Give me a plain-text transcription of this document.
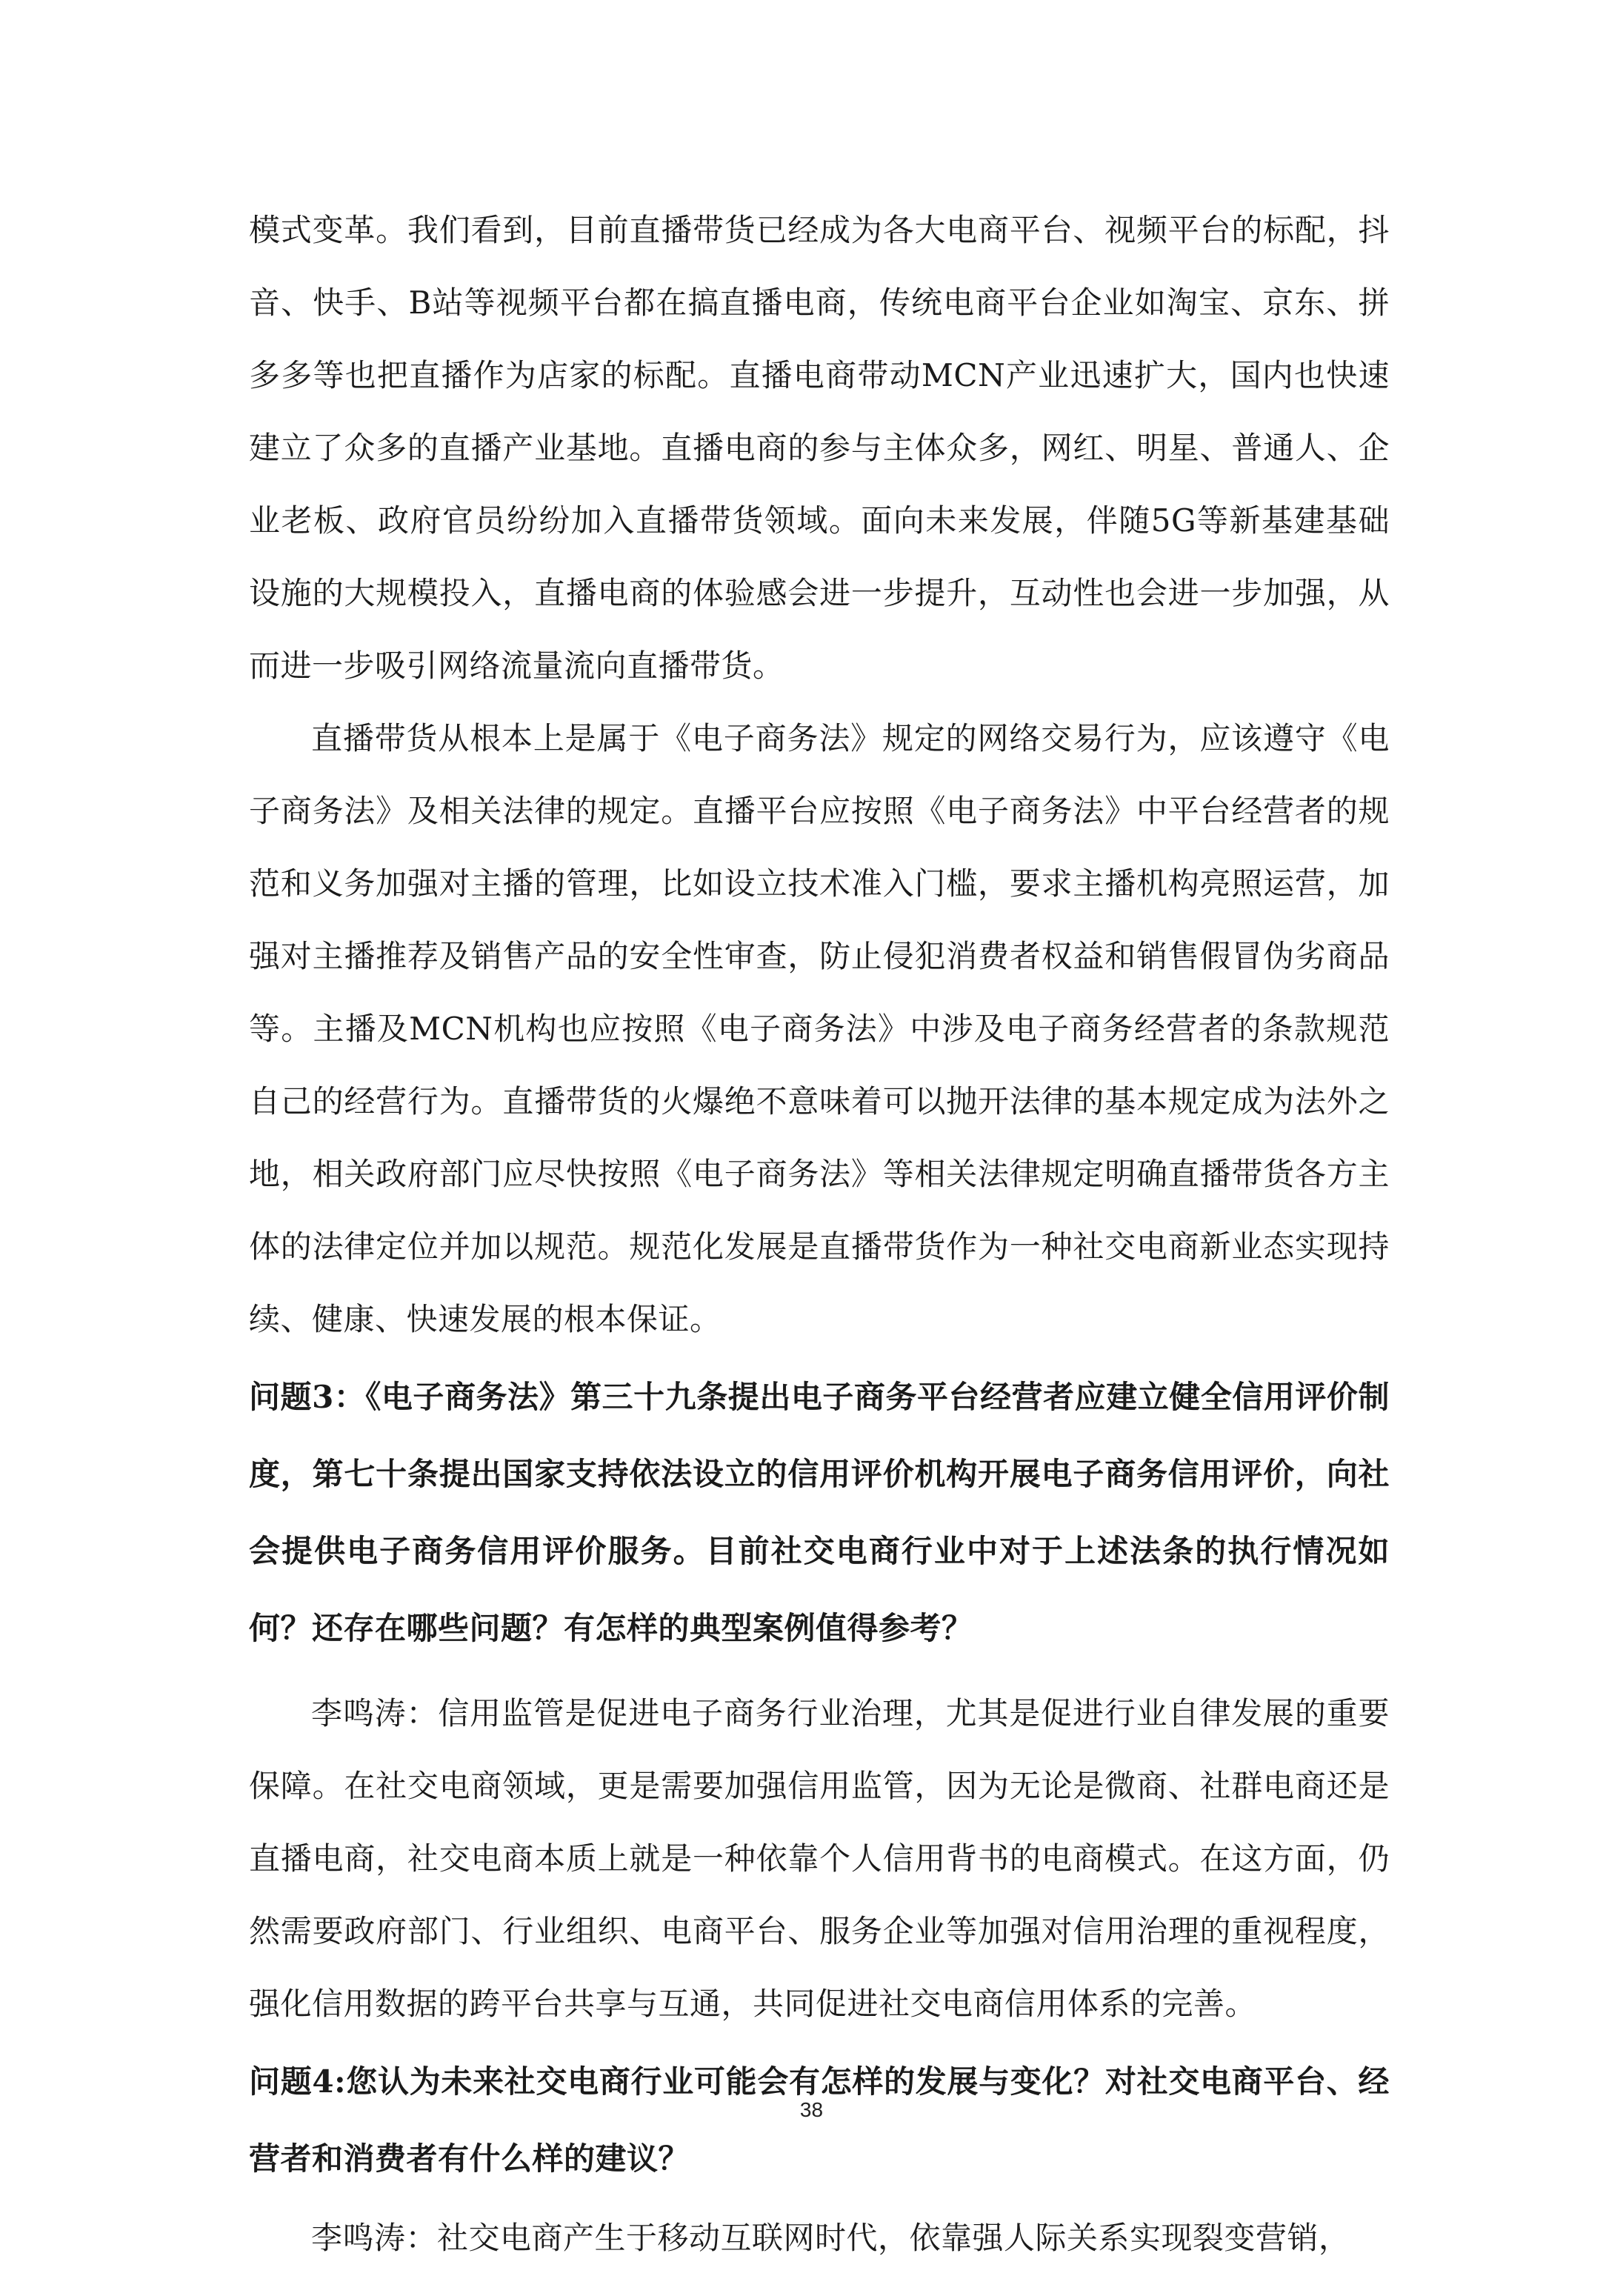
模式变革。我们看到，目前直播带货已经成为各大电商平台、视频平台的标配，抖音、快手、B站等视频平台都在搞直播电商，传统电商平台企业如淘宝、京东、拼多多等也把直播作为店家的标配。直播电商带动MCN产业迅速扩大，国内也快速建立了众多的直播产业基地。直播电商的参与主体众多，网红、明星、普通人、企业老板、政府官员纷纷加入直播带货领域。面向未来发展，伴随5G等新基建基础设施的大规模投入，直播电商的体验感会进一步提升，互动性也会进一步加强，从而进一步吸引网络流量流向直播带货。

直播带货从根本上是属于《电子商务法》规定的网络交易行为，应该遵守《电子商务法》及相关法律的规定。直播平台应按照《电子商务法》中平台经营者的规范和义务加强对主播的管理，比如设立技术准入门槛，要求主播机构亮照运营，加强对主播推荐及销售产品的安全性审查，防止侵犯消费者权益和销售假冒伪劣商品等。主播及MCN机构也应按照《电子商务法》中涉及电子商务经营者的条款规范自己的经营行为。直播带货的火爆绝不意味着可以抛开法律的基本规定成为法外之地，相关政府部门应尽快按照《电子商务法》等相关法律规定明确直播带货各方主体的法律定位并加以规范。规范化发展是直播带货作为一种社交电商新业态实现持续、健康、快速发展的根本保证。

问题3：《电子商务法》第三十九条提出电子商务平台经营者应建立健全信用评价制度，第七十条提出国家支持依法设立的信用评价机构开展电子商务信用评价，向社会提供电子商务信用评价服务。目前社交电商行业中对于上述法条的执行情况如何？还存在哪些问题？有怎样的典型案例值得参考？

李鸣涛：信用监管是促进电子商务行业治理，尤其是促进行业自律发展的重要保障。在社交电商领域，更是需要加强信用监管，因为无论是微商、社群电商还是直播电商，社交电商本质上就是一种依靠个人信用背书的电商模式。在这方面，仍然需要政府部门、行业组织、电商平台、服务企业等加强对信用治理的重视程度，强化信用数据的跨平台共享与互通，共同促进社交电商信用体系的完善。

问题4:您认为未来社交电商行业可能会有怎样的发展与变化？对社交电商平台、经营者和消费者有什么样的建议？

李鸣涛：社交电商产生于移动互联网时代，依靠强人际关系实现裂变营销，

38
